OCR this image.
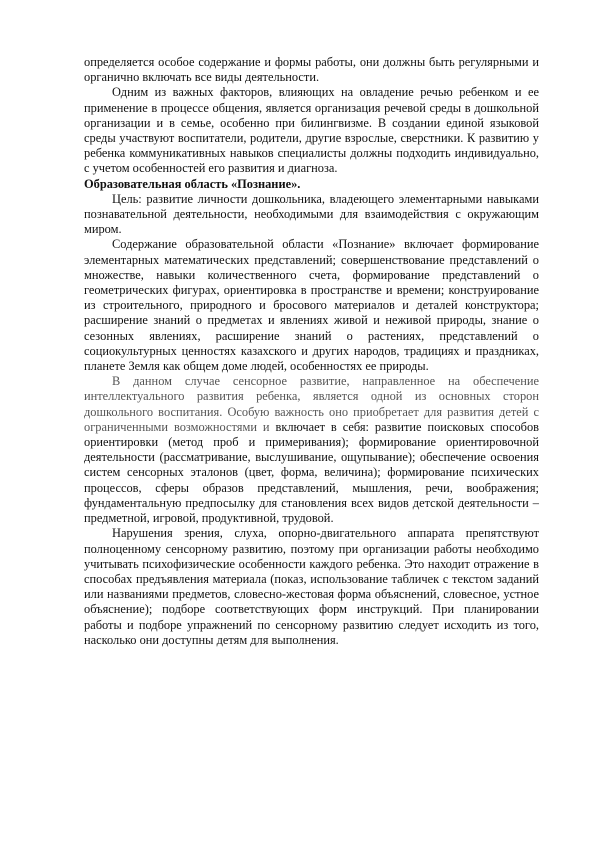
определяется особое содержание и формы работы, они должны быть регулярными и органично включать все виды деятельности.

Одним из важных факторов, влияющих на овладение речью ребенком и ее применение в процессе общения, является организация речевой среды в дошкольной организации и в семье, особенно при билингвизме. В создании единой языковой среды участвуют воспитатели, родители, другие взрослые, сверстники. К развитию у ребенка коммуникативных навыков специалисты должны подходить индивидуально, с учетом особенностей его развития и диагноза.

Образовательная область «Познание».

Цель: развитие личности дошкольника, владеющего элементарными навыками познавательной деятельности, необходимыми для взаимодействия с окружающим миром.

Содержание образовательной области «Познание» включает формирование элементарных математических представлений; совершенствование представлений о множестве, навыки количественного счета, формирование представлений о геометрических фигурах, ориентировка в пространстве и времени; конструирование из строительного, природного и бросового материалов и деталей конструктора; расширение знаний о предметах и явлениях живой и неживой природы, знание о сезонных явлениях, расширение знаний о растениях, представлений о социокультурных ценностях казахского и других народов, традициях и праздниках, планете Земля как общем доме людей, особенностях ее природы.

В данном случае сенсорное развитие, направленное на обеспечение интеллектуального развития ребенка, является одной из основных сторон дошкольного воспитания. Особую важность оно приобретает для развития детей с ограниченными возможностями и включает в себя: развитие поисковых способов ориентировки (метод проб и примеривания); формирование ориентировочной деятельности (рассматривание, выслушивание, ощупывание); обеспечение освоения систем сенсорных эталонов (цвет, форма, величина); формирование психических процессов, сферы образов представлений, мышления, речи, воображения; фундаментальную предпосылку для становления всех видов детской деятельности – предметной, игровой, продуктивной, трудовой.

Нарушения зрения, слуха, опорно-двигательного аппарата препятствуют полноценному сенсорному развитию, поэтому при организации работы необходимо учитывать психофизические особенности каждого ребенка. Это находит отражение в способах предъявления материала (показ, использование табличек с текстом заданий или названиями предметов, словесно-жестовая форма объяснений, словесное, устное объяснение); подборе соответствующих форм инструкций. При планировании работы и подборе упражнений по сенсорному развитию следует исходить из того, насколько они доступны детям для выполнения.
